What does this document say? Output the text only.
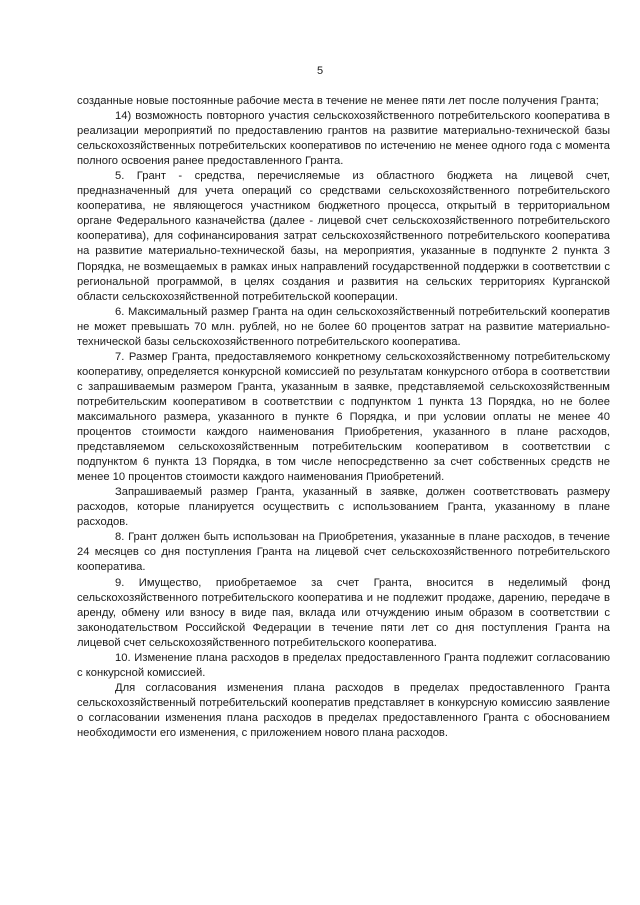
5

созданные новые постоянные рабочие места в течение не менее пяти лет после получения Гранта;

14) возможность повторного участия сельскохозяйственного потребительского кооператива в реализации мероприятий по предоставлению грантов на развитие материально-технической базы сельскохозяйственных потребительских кооперативов по истечению не менее одного года с момента полного освоения ранее предоставленного Гранта.

5. Грант - средства, перечисляемые из областного бюджета на лицевой счет, предназначенный для учета операций со средствами сельскохозяйственного потребительского кооператива, не являющегося участником бюджетного процесса, открытый в территориальном органе Федерального казначейства (далее - лицевой счет сельскохозяйственного потребительского кооператива), для софинансирования затрат сельскохозяйственного потребительского кооператива на развитие материально-технической базы, на мероприятия, указанные в подпункте 2 пункта 3 Порядка, не возмещаемых в рамках иных направлений государственной поддержки в соответствии с региональной программой, в целях создания и развития на сельских территориях Курганской области сельскохозяйственной потребительской кооперации.

6. Максимальный размер Гранта на один сельскохозяйственный потребительский кооператив не может превышать 70 млн. рублей, но не более 60 процентов затрат на развитие материально-технической базы сельскохозяйственного потребительского кооператива.

7. Размер Гранта, предоставляемого конкретному сельскохозяйственному потребительскому кооперативу, определяется конкурсной комиссией по результатам конкурсного отбора в соответствии с запрашиваемым размером Гранта, указанным в заявке, представляемой сельскохозяйственным потребительским кооперативом в соответствии с подпунктом 1 пункта 13 Порядка, но не более максимального размера, указанного в пункте 6 Порядка, и при условии оплаты не менее 40 процентов стоимости каждого наименования Приобретения, указанного в плане расходов, представляемом сельскохозяйственным потребительским кооперативом в соответствии с подпунктом 6 пункта 13 Порядка, в том числе непосредственно за счет собственных средств не менее 10 процентов стоимости каждого наименования Приобретений.

Запрашиваемый размер Гранта, указанный в заявке, должен соответствовать размеру расходов, которые планируется осуществить с использованием Гранта, указанному в плане расходов.

8. Грант должен быть использован на Приобретения, указанные в плане расходов, в течение 24 месяцев со дня поступления Гранта на лицевой счет сельскохозяйственного потребительского кооператива.

9. Имущество, приобретаемое за счет Гранта, вносится в неделимый фонд сельскохозяйственного потребительского кооператива и не подлежит продаже, дарению, передаче в аренду, обмену или взносу в виде пая, вклада или отчуждению иным образом в соответствии с законодательством Российской Федерации в течение пяти лет со дня поступления Гранта на лицевой счет сельскохозяйственного потребительского кооператива.

10. Изменение плана расходов в пределах предоставленного Гранта подлежит согласованию с конкурсной комиссией.

Для согласования изменения плана расходов в пределах предоставленного Гранта сельскохозяйственный потребительский кооператив представляет в конкурсную комиссию заявление о согласовании изменения плана расходов в пределах предоставленного Гранта с обоснованием необходимости его изменения, с приложением нового плана расходов.
